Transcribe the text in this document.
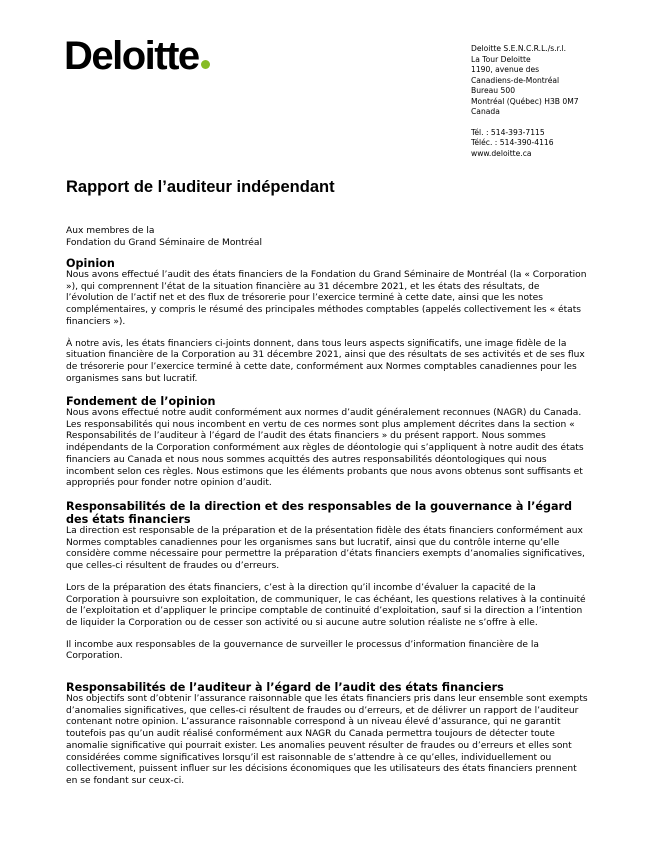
Deloitte	Deloitte S.E.N.C.R.L./s.r.l.
La Tour Deloitte
1190, avenue des
Canadiens-de-Montréal
Bureau 500
Montréal (Québec) H3B 0M7
Canada
Tél. : 514-393-7115
Téléc. : 514-390-4116
www.deloitte.ca
Rapport de l’auditeur indépendant
Aux membres de la
Fondation du Grand Séminaire de Montréal
Opinion

Nous avons effectué l’audit des états financiers de la Fondation du Grand Séminaire de Montréal (la « Corporation »), qui comprennent l’état de la situation financière au 31 décembre 2021, et les états des résultats, de l’évolution de l’actif net et des flux de trésorerie pour l’exercice terminé à cette date, ainsi que les notes complémentaires, y compris le résumé des principales méthodes comptables (appelés collectivement les « états financiers »).

À notre avis, les états financiers ci-joints donnent, dans tous leurs aspects significatifs, une image fidèle de la situation financière de la Corporation au 31 décembre 2021, ainsi que des résultats de ses activités et de ses flux de trésorerie pour l’exercice terminé à cette date, conformément aux Normes comptables canadiennes pour les organismes sans but lucratif.

Fondement de l’opinion

Nous avons effectué notre audit conformément aux normes d’audit généralement reconnues (NAGR) du Canada. Les responsabilités qui nous incombent en vertu de ces normes sont plus amplement décrites dans la section « Responsabilités de l’auditeur à l’égard de l’audit des états financiers » du présent rapport. Nous sommes indépendants de la Corporation conformément aux règles de déontologie qui s’appliquent à notre audit des états financiers au Canada et nous nous sommes acquittés des autres responsabilités déontologiques qui nous incombent selon ces règles. Nous estimons que les éléments probants que nous avons obtenus sont suffisants et appropriés pour fonder notre opinion d’audit.

Responsabilités de la direction et des responsables de la gouvernance à l’égard des états financiers

La direction est responsable de la préparation et de la présentation fidèle des états financiers conformément aux Normes comptables canadiennes pour les organismes sans but lucratif, ainsi que du contrôle interne qu’elle considère comme nécessaire pour permettre la préparation d’états financiers exempts d’anomalies significatives, que celles-ci résultent de fraudes ou d’erreurs.

Lors de la préparation des états financiers, c’est à la direction qu’il incombe d’évaluer la capacité de la Corporation à poursuivre son exploitation, de communiquer, le cas échéant, les questions relatives à la continuité de l’exploitation et d’appliquer le principe comptable de continuité d’exploitation, sauf si la direction a l’intention de liquider la Corporation ou de cesser son activité ou si aucune autre solution réaliste ne s’offre à elle.

Il incombe aux responsables de la gouvernance de surveiller le processus d’information financière de la Corporation.

Responsabilités de l’auditeur à l’égard de l’audit des états financiers

Nos objectifs sont d’obtenir l’assurance raisonnable que les états financiers pris dans leur ensemble sont exempts d’anomalies significatives, que celles-ci résultent de fraudes ou d’erreurs, et de délivrer un rapport de l’auditeur contenant notre opinion. L’assurance raisonnable correspond à un niveau élevé d’assurance, qui ne garantit toutefois pas qu’un audit réalisé conformément aux NAGR du Canada permettra toujours de détecter toute anomalie significative qui pourrait exister. Les anomalies peuvent résulter de fraudes ou d’erreurs et elles sont considérées comme significatives lorsqu’il est raisonnable de s’attendre à ce qu’elles, individuellement ou collectivement, puissent influer sur les décisions économiques que les utilisateurs des états financiers prennent en se fondant sur ceux-ci.
